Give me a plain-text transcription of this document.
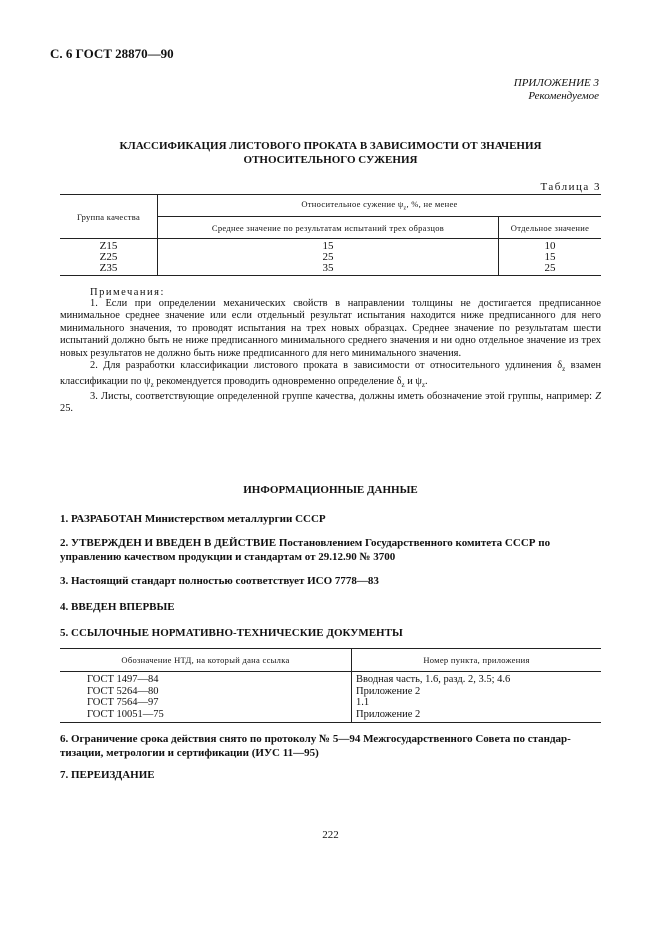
С. 6 ГОСТ 28870—90
ПРИЛОЖЕНИЕ 3
Рекомендуемое
КЛАССИФИКАЦИЯ ЛИСТОВОГО ПРОКАТА В ЗАВИСИМОСТИ ОТ ЗНАЧЕНИЯ
ОТНОСИТЕЛЬНОГО СУЖЕНИЯ
Таблица 3
Группа качества	Относительное сужение $\psi_z$, %, не менее	
	Среднее значение по результатам испытаний трех образцов	Отдельное значение
Z15	15	10
Z25	25	15
Z35	35	25
Примечания:

1. Если при определении механических свойств в направлении толщины не достигается предписанное минимальное среднее значение или если отдельный результат испытания находится ниже предписанного для него минимального значения, то проводят испытания на трех новых образцах. Среднее значение по результатам шести испытаний должно быть не ниже предписанного минимального среднего значения и ни одно отдельное значение из трех новых результатов не должно быть ниже предписанного для него минимального значения.

2. Для разработки классификации листового проката в зависимости от относительного удлинения $\delta_z$ взамен классификации по $\psi_z$ рекомендуется проводить одновременно определение $\delta_z$ и $\psi_z$.

3. Листы, соответствующие определенной группе качества, должны иметь обозначение этой группы, например: Z 25.

ИНФОРМАЦИОННЫЕ ДАННЫЕ
1. РАЗРАБОТАН Министерством металлургии СССР
2. УТВЕРЖДЕН И ВВЕДЕН В ДЕЙСТВИЕ Постановлением Государственного комитета СССР по
управлению качеством продукции и стандартам от 29.12.90 № 3700
3. Настоящий стандарт полностью соответствует ИСО 7778—83
4. ВВЕДЕН ВПЕРВЫЕ
5. ССЫЛОЧНЫЕ НОРМАТИВНО-ТЕХНИЧЕСКИЕ ДОКУМЕНТЫ
Обозначение НТД, на который дана ссылка	Номер пункта, приложения
ГОСТ 1497—84	Вводная часть, 1.6, разд. 2, 3.5; 4.6
ГОСТ 5264—80	Приложение 2
ГОСТ 7564—97	1.1
ГОСТ 10051—75	Приложение 2
6. Ограничение срока действия снято по протоколу № 5—94 Межгосударственного Совета по стандар-
тизации, метрологии и сертификации (ИУС 11—95)
7. ПЕРЕИЗДАНИЕ
222
